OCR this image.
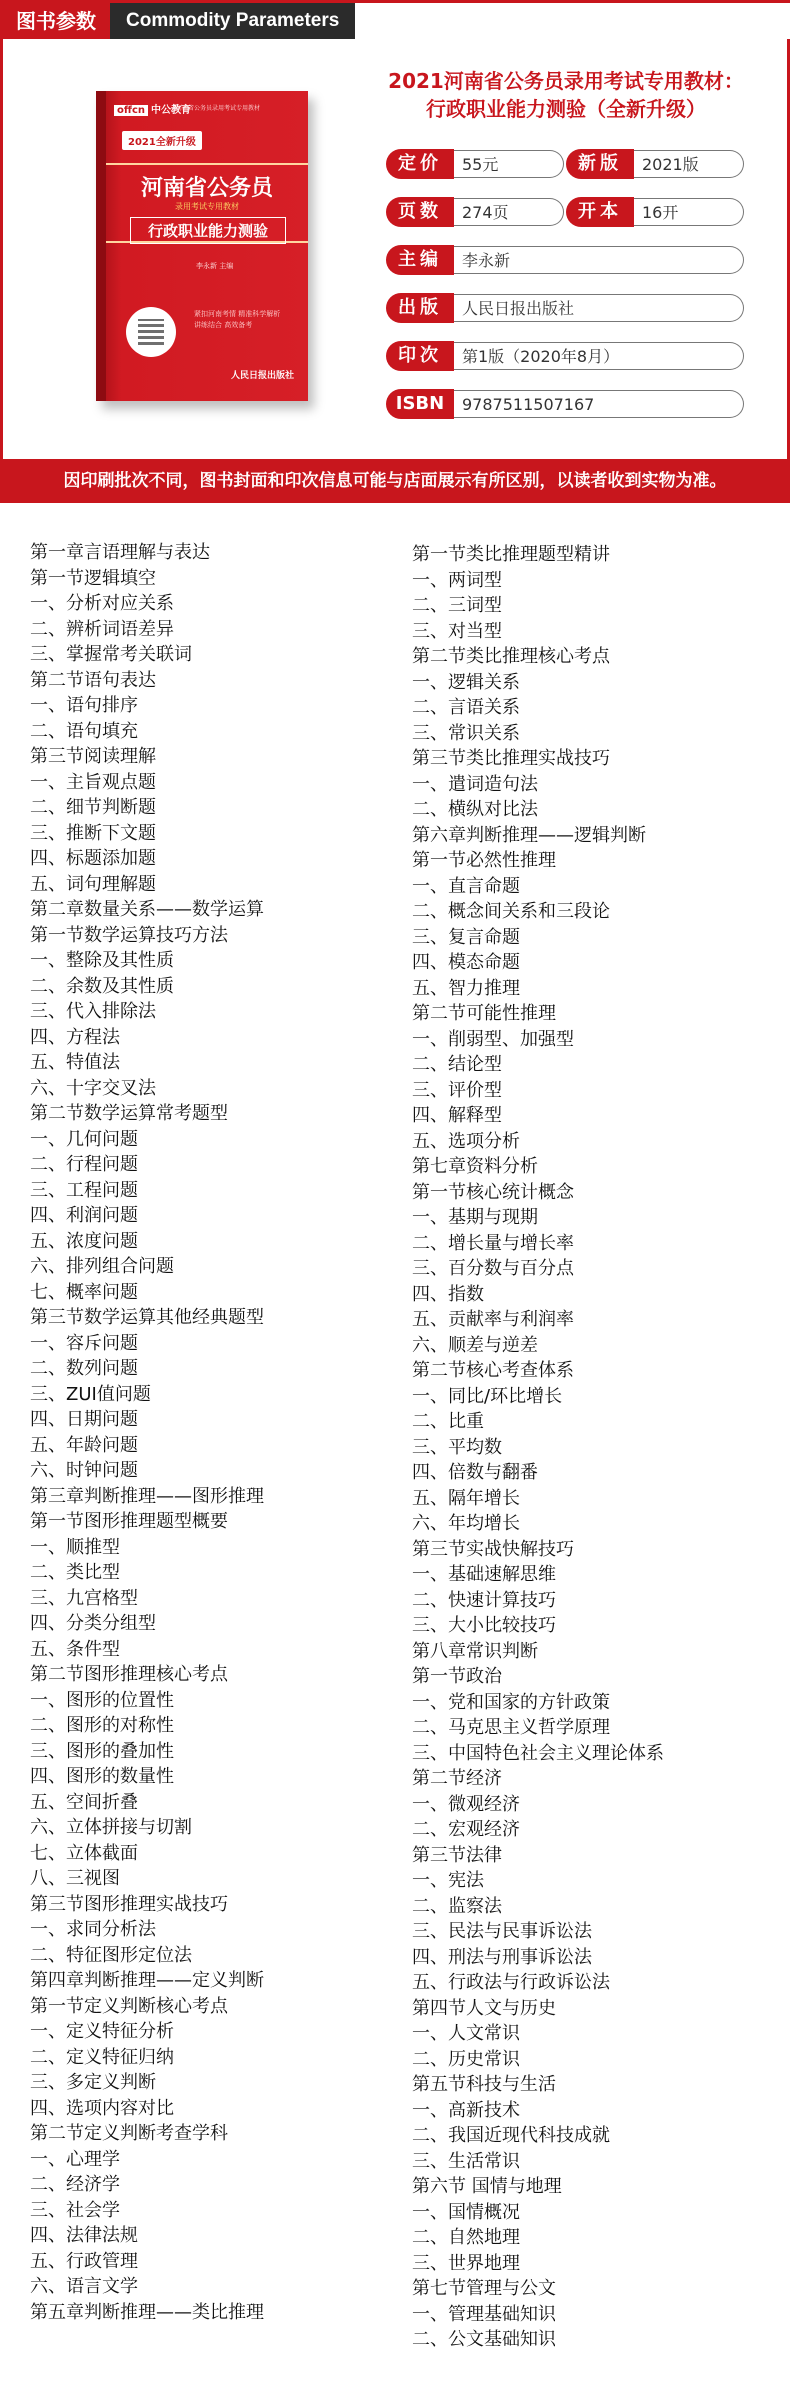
图书参数	Commodity Parameters
offcn 中公教育
河南省公务员录用考试专用教材
2021全新升级
河南省公务员
录用考试专用教材
行政职业能力测验
李永新 主编
紧扣河南考情 精准科学解析
讲练结合 高效备考
人民日报出版社
2021河南省公务员录用考试专用教材：行政职业能力测验（全新升级）
定价	55元	新版	2021版
页数	274页	开本	16开
主编	李永新
出版	人民日报出版社
印次	第1版（2020年8月）
ISBN	9787511507167
因印刷批次不同，图书封面和印次信息可能与店面展示有所区别，以读者收到实物为准。
第一章言语理解与表达
第一节逻辑填空
一、分析对应关系
二、辨析词语差异
三、掌握常考关联词
第二节语句表达
一、语句排序
二、语句填充
第三节阅读理解
一、主旨观点题
二、细节判断题
三、推断下文题
四、标题添加题
五、词句理解题
第二章数量关系——数学运算
第一节数学运算技巧方法
一、整除及其性质
二、余数及其性质
三、代入排除法
四、方程法
五、特值法
六、十字交叉法
第二节数学运算常考题型
一、几何问题
二、行程问题
三、工程问题
四、利润问题
五、浓度问题
六、排列组合问题
七、概率问题
第三节数学运算其他经典题型
一、容斥问题
二、数列问题
三、ZUI值问题
四、日期问题
五、年龄问题
六、时钟问题
第三章判断推理——图形推理
第一节图形推理题型概要
一、顺推型
二、类比型
三、九宫格型
四、分类分组型
五、条件型
第二节图形推理核心考点
一、图形的位置性
二、图形的对称性
三、图形的叠加性
四、图形的数量性
五、空间折叠
六、立体拼接与切割
七、立体截面
八、三视图
第三节图形推理实战技巧
一、求同分析法
二、特征图形定位法
第四章判断推理——定义判断
第一节定义判断核心考点
一、定义特征分析
二、定义特征归纳
三、多定义判断
四、选项内容对比
第二节定义判断考查学科
一、心理学
二、经济学
三、社会学
四、法律法规
五、行政管理
六、语言文学
第五章判断推理——类比推理
第一节类比推理题型精讲
一、两词型
二、三词型
三、对当型
第二节类比推理核心考点
一、逻辑关系
二、言语关系
三、常识关系
第三节类比推理实战技巧
一、遣词造句法
二、横纵对比法
第六章判断推理——逻辑判断
第一节必然性推理
一、直言命题
二、概念间关系和三段论
三、复言命题
四、模态命题
五、智力推理
第二节可能性推理
一、削弱型、加强型
二、结论型
三、评价型
四、解释型
五、选项分析
第七章资料分析
第一节核心统计概念
一、基期与现期
二、增长量与增长率
三、百分数与百分点
四、指数
五、贡献率与利润率
六、顺差与逆差
第二节核心考查体系
一、同比/环比增长
二、比重
三、平均数
四、倍数与翻番
五、隔年增长
六、年均增长
第三节实战快解技巧
一、基础速解思维
二、快速计算技巧
三、大小比较技巧
第八章常识判断
第一节政治
一、党和国家的方针政策
二、马克思主义哲学原理
三、中国特色社会主义理论体系
第二节经济
一、微观经济
二、宏观经济
第三节法律
一、宪法
二、监察法
三、民法与民事诉讼法
四、刑法与刑事诉讼法
五、行政法与行政诉讼法
第四节人文与历史
一、人文常识
二、历史常识
第五节科技与生活
一、高新技术
二、我国近现代科技成就
三、生活常识
第六节 国情与地理
一、国情概况
二、自然地理
三、世界地理
第七节管理与公文
一、管理基础知识
二、公文基础知识
